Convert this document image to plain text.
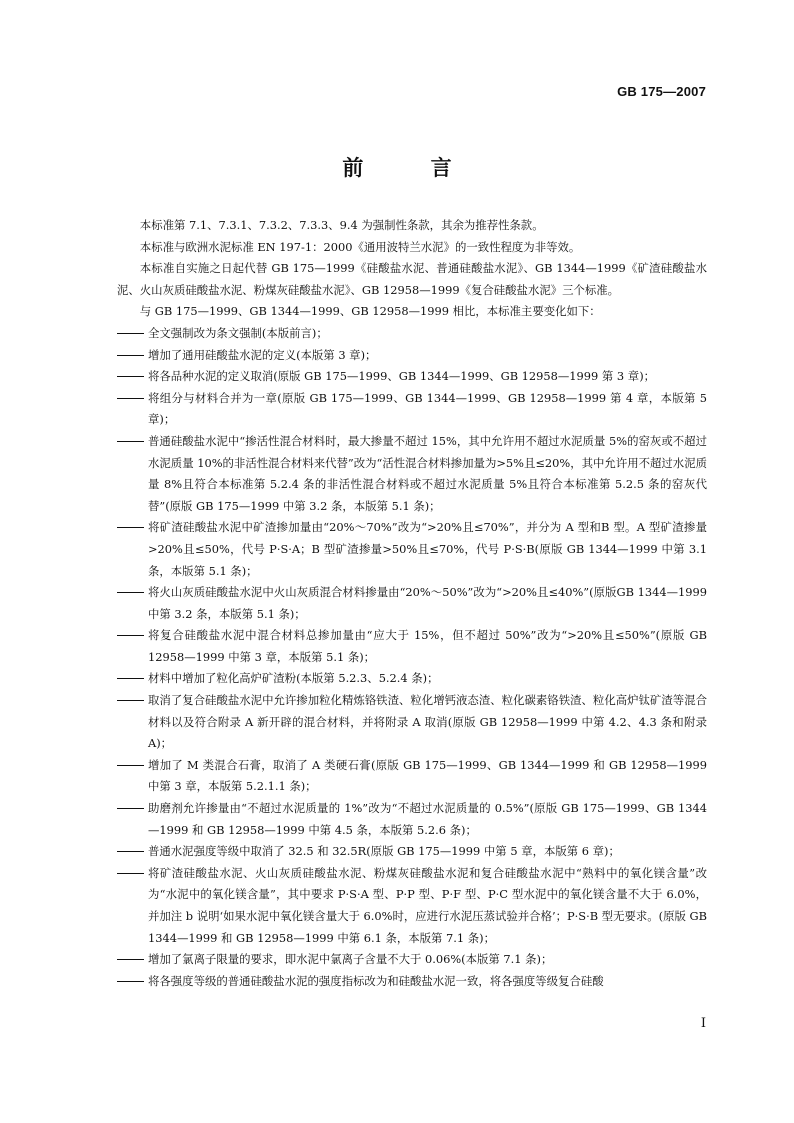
GB 175—2007
前 言

本标准第 7.1、7.3.1、7.3.2、7.3.3、9.4 为强制性条款，其余为推荐性条款。

本标准与欧洲水泥标准 EN 197-1：2000《通用波特兰水泥》的一致性程度为非等效。

本标准自实施之日起代替 GB 175—1999《硅酸盐水泥、普通硅酸盐水泥》、GB 1344—1999《矿渣硅酸盐水泥、火山灰质硅酸盐水泥、粉煤灰硅酸盐水泥》、GB 12958—1999《复合硅酸盐水泥》三个标准。

与 GB 175—1999、GB 1344—1999、GB 12958—1999 相比，本标准主要变化如下：

全文强制改为条文强制(本版前言)；
增加了通用硅酸盐水泥的定义(本版第 3 章)；
将各品种水泥的定义取消(原版 GB 175—1999、GB 1344—1999、GB 12958—1999 第 3 章)；
将组分与材料合并为一章(原版 GB 175—1999、GB 1344—1999、GB 12958—1999 第 4 章，本版第 5 章)；
普通硅酸盐水泥中“掺活性混合材料时，最大掺量不超过 15%，其中允许用不超过水泥质量 5%的窑灰或不超过水泥质量 10%的非活性混合材料来代替”改为“活性混合材料掺加量为>5%且≤20%，其中允许用不超过水泥质量 8%且符合本标准第 5.2.4 条的非活性混合材料或不超过水泥质量 5%且符合本标准第 5.2.5 条的窑灰代替”(原版 GB 175—1999 中第 3.2 条，本版第 5.1 条)；
将矿渣硅酸盐水泥中矿渣掺加量由“20%～70%”改为“>20%且≤70%”，并分为 A 型和B 型。A 型矿渣掺量>20%且≤50%，代号 P·S·A；B 型矿渣掺量>50%且≤70%，代号 P·S·B(原版 GB 1344—1999 中第 3.1 条，本版第 5.1 条)；
将火山灰质硅酸盐水泥中火山灰质混合材料掺量由“20%～50%”改为“>20%且≤40%”(原版GB 1344—1999 中第 3.2 条，本版第 5.1 条)；
将复合硅酸盐水泥中混合材料总掺加量由“应大于 15%，但不超过 50%”改为“>20%且≤50%”(原版 GB 12958—1999 中第 3 章，本版第 5.1 条)；
材料中增加了粒化高炉矿渣粉(本版第 5.2.3、5.2.4 条)；
取消了复合硅酸盐水泥中允许掺加粒化精炼铬铁渣、粒化增钙液态渣、粒化碳素铬铁渣、粒化高炉钛矿渣等混合材料以及符合附录 A 新开辟的混合材料，并将附录 A 取消(原版 GB 12958—1999 中第 4.2、4.3 条和附录 A)；
增加了 M 类混合石膏，取消了 A 类硬石膏(原版 GB 175—1999、GB 1344—1999 和 GB 12958—1999 中第 3 章，本版第 5.2.1.1 条)；
助磨剂允许掺量由“不超过水泥质量的 1%”改为“不超过水泥质量的 0.5%”(原版 GB 175—1999、GB 1344—1999 和 GB 12958—1999 中第 4.5 条，本版第 5.2.6 条)；
普通水泥强度等级中取消了 32.5 和 32.5R(原版 GB 175—1999 中第 5 章，本版第 6 章)；
将矿渣硅酸盐水泥、火山灰质硅酸盐水泥、粉煤灰硅酸盐水泥和复合硅酸盐水泥中“熟料中的氧化镁含量”改为“水泥中的氧化镁含量”，其中要求 P·S·A 型、P·P 型、P·F 型、P·C 型水泥中的氧化镁含量不大于 6.0%，并加注 b 说明‘如果水泥中氧化镁含量大于 6.0%时，应进行水泥压蒸试验并合格’；P·S·B 型无要求。(原版 GB 1344—1999 和 GB 12958—1999 中第 6.1 条，本版第 7.1 条)；
增加了氯离子限量的要求，即水泥中氯离子含量不大于 0.06%(本版第 7.1 条)；
将各强度等级的普通硅酸盐水泥的强度指标改为和硅酸盐水泥一致，将各强度等级复合硅酸
I
